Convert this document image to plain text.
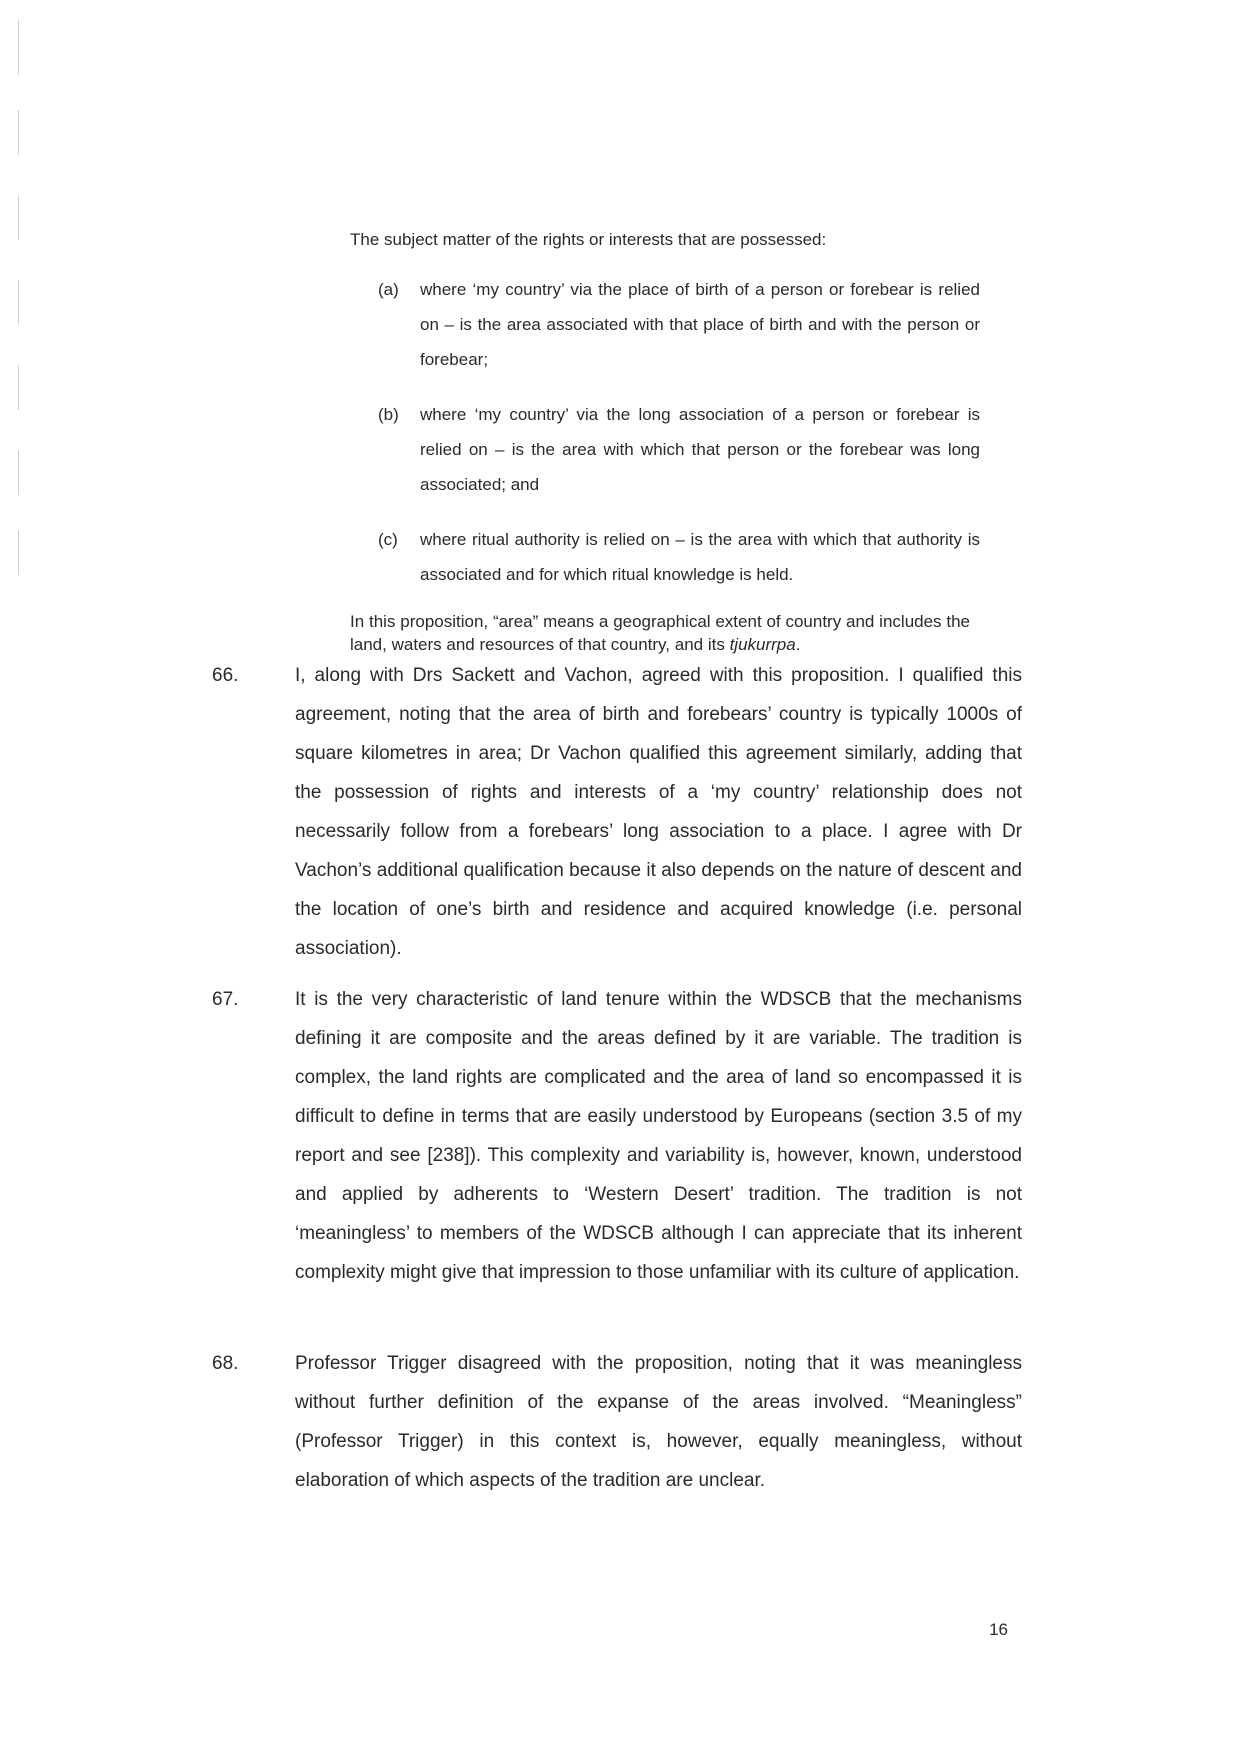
The subject matter of the rights or interests that are possessed:

(a) where ‘my country’ via the place of birth of a person or forebear is relied on – is the area associated with that place of birth and with the person or forebear;
(b) where ‘my country’ via the long association of a person or forebear is relied on – is the area with which that person or the forebear was long associated; and
(c) where ritual authority is relied on – is the area with which that authority is associated and for which ritual knowledge is held.

In this proposition, “area” means a geographical extent of country and includes the land, waters and resources of that country, and its tjukurrpa.

66.	I, along with Drs Sackett and Vachon, agreed with this proposition. I qualified this agreement, noting that the area of birth and forebears’ country is typically 1000s of square kilometres in area; Dr Vachon qualified this agreement similarly, adding that the possession of rights and interests of a ‘my country’ relationship does not necessarily follow from a forebears’ long association to a place. I agree with Dr Vachon’s additional qualification because it also depends on the nature of descent and the location of one’s birth and residence and acquired knowledge (i.e. personal association).
67.	It is the very characteristic of land tenure within the WDSCB that the mechanisms defining it are composite and the areas defined by it are variable. The tradition is complex, the land rights are complicated and the area of land so encompassed it is difficult to define in terms that are easily understood by Europeans (section 3.5 of my report and see [238]). This complexity and variability is, however, known, understood and applied by adherents to ‘Western Desert’ tradition. The tradition is not ‘meaningless’ to members of the WDSCB although I can appreciate that its inherent complexity might give that impression to those unfamiliar with its culture of application.
68.	Professor Trigger disagreed with the proposition, noting that it was meaningless without further definition of the expanse of the areas involved. “Meaningless” (Professor Trigger) in this context is, however, equally meaningless, without elaboration of which aspects of the tradition are unclear.
16
